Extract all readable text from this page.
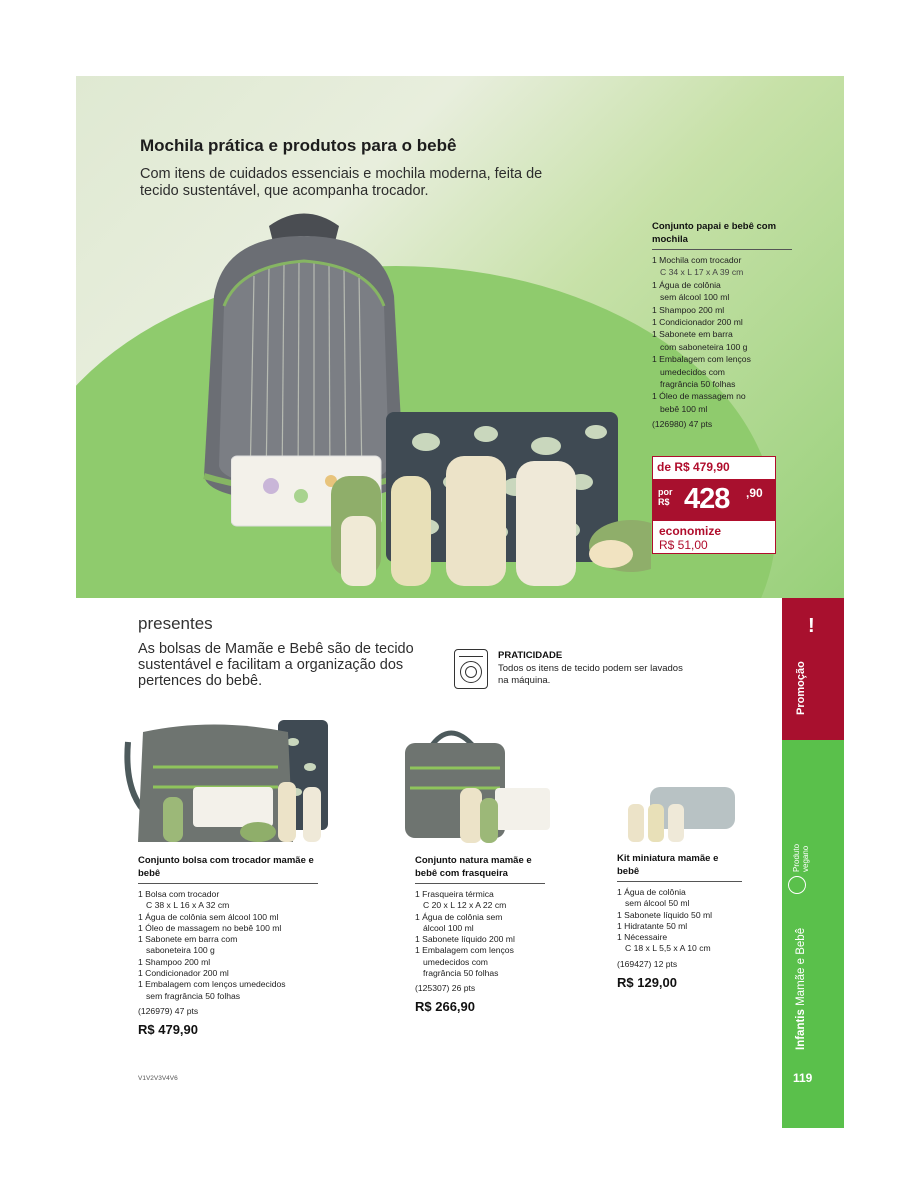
Mochila prática e produtos para o bebê
Com itens de cuidados essenciais e mochila moderna, feita de tecido sustentável, que acompanha trocador.
Conjunto papai e bebê com mochila
1 Mochila com trocador
C 34 x L 17 x A 39 cm
1 Água de colônia
sem álcool 100 ml
1 Shampoo 200 ml
1 Condicionador 200 ml
1 Sabonete em barra
com saboneteira 100 g
1 Embalagem com lenços
umedecidos com
fragrância 50 folhas
1 Óleo de massagem no
bebê 100 ml
(126980) 47 pts
de R$ 479,90
por
R$ 428 ,90
economize
R$ 51,00
!
Promoção
Infantis Mamãe e Bebê
Produto
vegano
119
presentes
As bolsas de Mamãe e Bebê são de tecido sustentável e facilitam a organização dos pertences do bebê.
PRATICIDADE
Todos os itens de tecido podem ser lavados na máquina.
Conjunto bolsa com trocador mamãe e bebê
1 Bolsa com trocador
C 38 x L 16 x A 32 cm
1 Água de colônia sem álcool 100 ml
1 Óleo de massagem no bebê 100 ml
1 Sabonete em barra com
saboneteira 100 g
1 Shampoo 200 ml
1 Condicionador 200 ml
1 Embalagem com lenços umedecidos
sem fragrância 50 folhas
(126979) 47 pts
R$ 479,90
Conjunto natura mamãe e bebê com frasqueira
1 Frasqueira térmica
C 20 x L 12 x A 22 cm
1 Água de colônia sem
álcool 100 ml
1 Sabonete líquido 200 ml
1 Embalagem com lenços
umedecidos com
fragrância 50 folhas
(125307) 26 pts
R$ 266,90
Kit miniatura mamãe e bebê
1 Água de colônia
sem álcool 50 ml
1 Sabonete líquido 50 ml
1 Hidratante 50 ml
1 Nécessaire
C 18 x L 5,5 x A 10 cm
(169427) 12 pts
R$ 129,00
V1V2V3V4V6
